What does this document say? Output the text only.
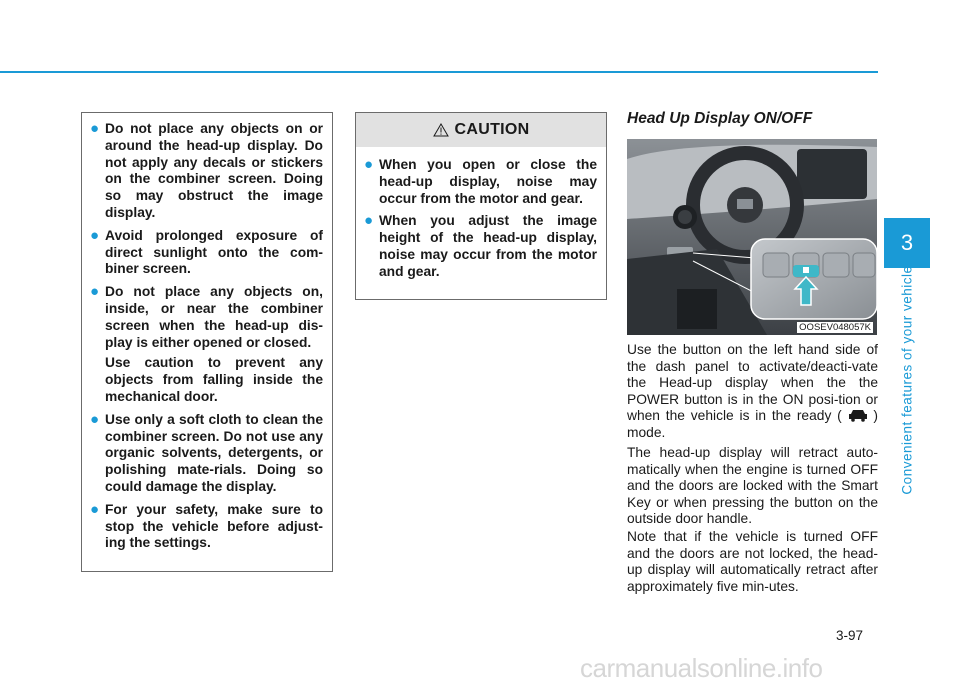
● Do not place any objects on or around the head-up display. Do not apply any decals or stickers on the combiner screen. Doing so may obstruct the image display.
● Avoid prolonged exposure of direct sunlight onto the com-biner screen.
● Do not place any objects on, inside, or near the combiner screen when the head-up dis-play is either opened or closed.
Use caution to prevent any objects from falling inside the mechanical door.
● Use only a soft cloth to clean the combiner screen. Do not use any organic solvents, detergents, or polishing mate-rials. Doing so could damage the display.
● For your safety, make sure to stop the vehicle before adjust-ing the settings.
CAUTION
● When you open or close the head-up display, noise may occur from the motor and gear.
● When you adjust the image height of the head-up display, noise may occur from the motor and gear.
Head Up Display ON/OFF
OOSEV048057K
Use the button on the left hand side of the dash panel to activate/deacti-vate the Head-up display when the the POWER button is in the ON posi-tion or when the vehicle is in the ready ( ) mode.
The head-up display will retract auto-matically when the engine is turned OFF and the doors are locked with the Smart Key or when pressing the button on the outside door handle.
Note that if the vehicle is turned OFF and the doors are not locked, the head-up display will automatically retract after approximately five min-utes.
3
Convenient features of your vehicle
3-97
carmanualsonline.info
